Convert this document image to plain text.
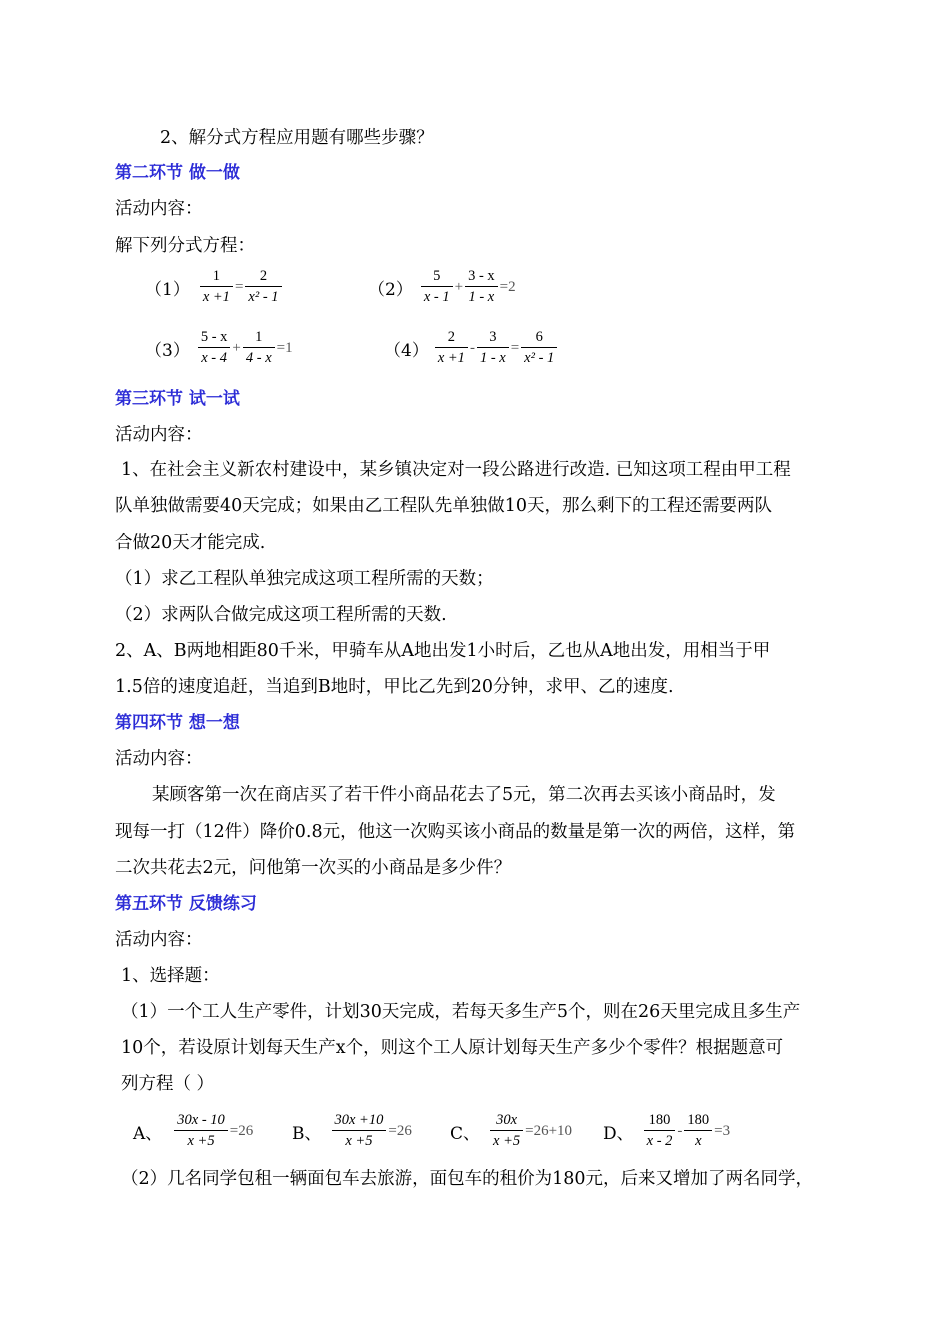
2、解分式方程应用题有哪些步骤？
第二环节 做一做
活动内容：
解下列分式方程：
$(1) \frac{1}{x +1} = \frac{2}{\text{x² - 1}}$	$(2) \frac{5}{x - 1} + \frac{3 - x}{1 - x} =2$
$(3) \frac{5 - x}{x - 4} + \frac{1}{4 - x} =1$	$(4) \frac{2}{x +1} - \frac{3}{1 - x} = \frac{6}{\text{x² - 1}}$
第三环节 试一试
活动内容：
1、在社会主义新农村建设中，某乡镇决定对一段公路进行改造. 已知这项工程由甲工程
队单独做需要40天完成；如果由乙工程队先单独做10天，那么剩下的工程还需要两队
合做20天才能完成.
（1）求乙工程队单独完成这项工程所需的天数；
（2）求两队合做完成这项工程所需的天数.
2、A、B两地相距80千米，甲骑车从A地出发1小时后，乙也从A地出发，用相当于甲
1.5倍的速度追赶，当追到B地时，甲比乙先到20分钟，求甲、乙的速度.
第四环节 想一想
活动内容：
某顾客第一次在商店买了若干件小商品花去了5元，第二次再去买该小商品时，发
现每一打（12件）降价0.8元，他这一次购买该小商品的数量是第一次的两倍，这样，第
二次共花去2元，问他第一次买的小商品是多少件？
第五环节 反馈练习
活动内容：
1、选择题：
（1）一个工人生产零件，计划30天完成，若每天多生产5个，则在26天里完成且多生产
10个，若设原计划每天生产x个，则这个工人原计划每天生产多少个零件？根据题意可
列方程（ ）
A、 $\frac{30x - 10}{x +5} =26$ B、 $\frac{30x +10}{x +5} =26$ C、 $\frac{30x}{x +5} =26+10$ D、 $\frac{180}{x - 2} - \frac{180}{x} =3$
（2）几名同学包租一辆面包车去旅游，面包车的租价为180元，后来又增加了两名同学，
